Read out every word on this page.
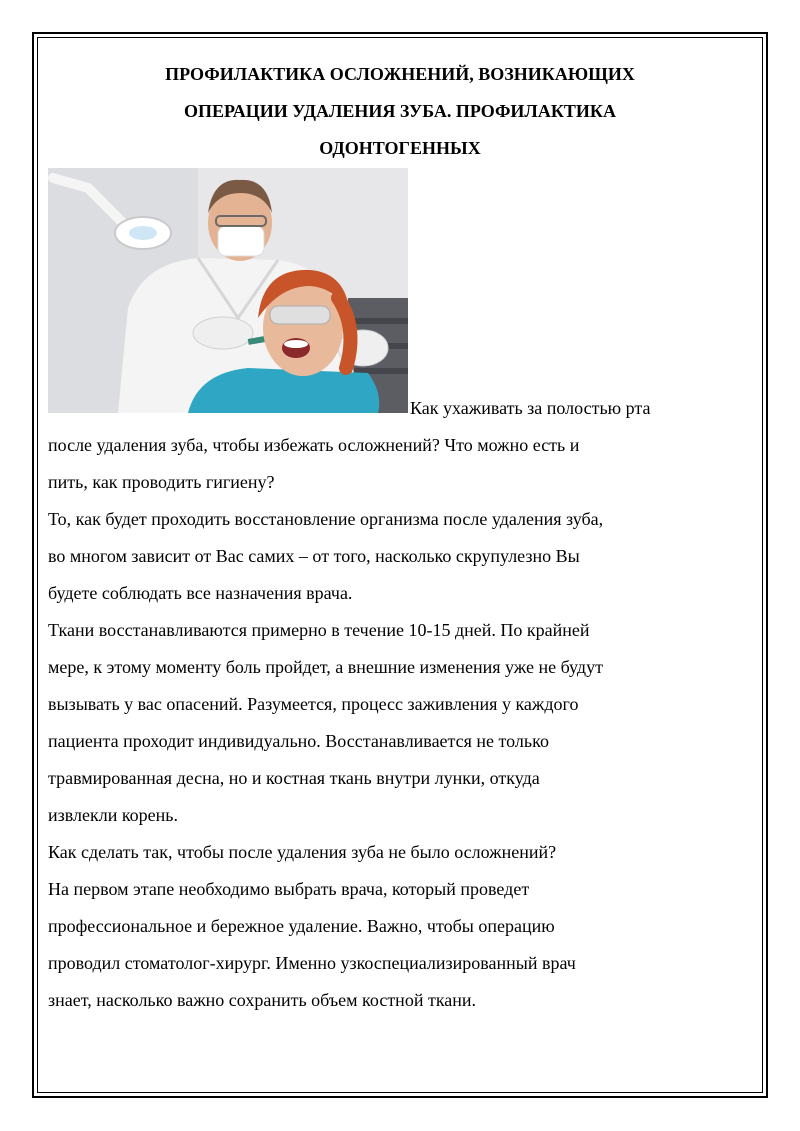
ПРОФИЛАКТИКА ОСЛОЖНЕНИЙ, ВОЗНИКАЮЩИХ
ОПЕРАЦИИ УДАЛЕНИЯ ЗУБА. ПРОФИЛАКТИКА
ОДОНТОГЕННЫХ
Как ухаживать за полостью рта
после удаления зуба, чтобы избежать осложнений? Что можно есть и
пить, как проводить гигиену?
То, как будет проходить восстановление организма после удаления зуба,
во многом зависит от Вас самих – от того, насколько скрупулезно Вы
будете соблюдать все назначения врача.
Ткани восстанавливаются примерно в течение 10-15 дней. По крайней
мере, к этому моменту боль пройдет, а внешние изменения уже не будут
вызывать у вас опасений. Разумеется, процесс заживления у каждого
пациента проходит индивидуально. Восстанавливается не только
травмированная десна, но и костная ткань внутри лунки, откуда
извлекли корень.
Как сделать так, чтобы после удаления зуба не было осложнений?
На первом этапе необходимо выбрать врача, который проведет
профессиональное и бережное удаление. Важно, чтобы операцию
проводил стоматолог-хирург. Именно узкоспециализированный врач
знает, насколько важно сохранить объем костной ткани.
